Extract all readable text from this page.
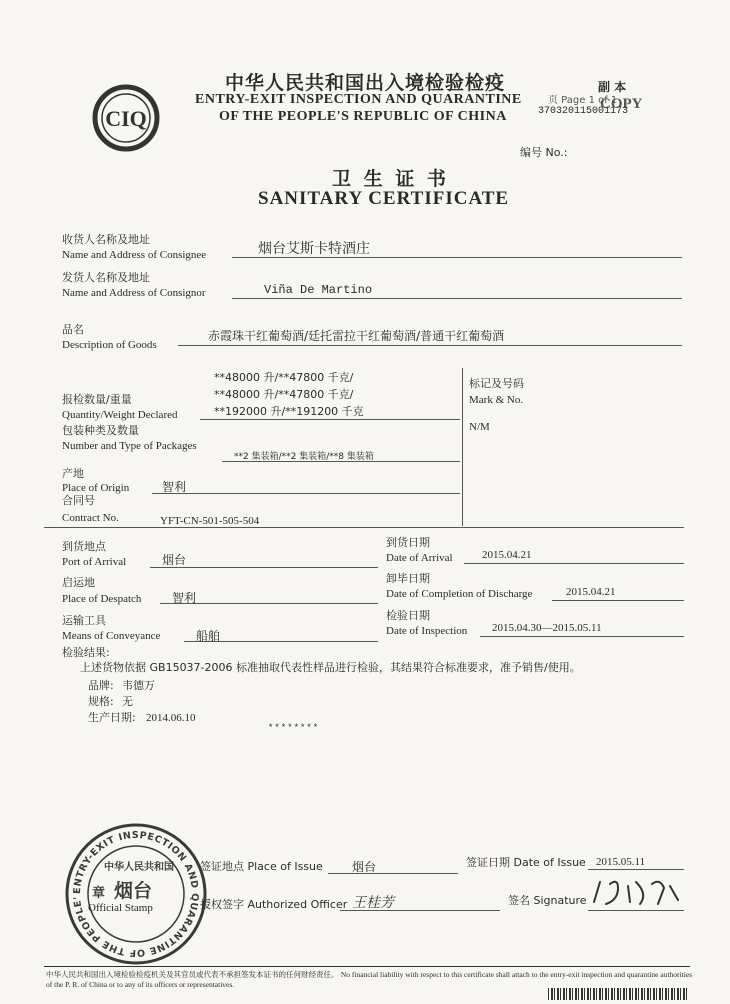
CIQ
中华人民共和国出入境检验检疫
ENTRY-EXIT INSPECTION AND QUARANTINE
OF THE PEOPLE'S REPUBLIC OF CHINA
副 本
COPY
页 Page 1 of 1
370320115001173
编号 No.:
卫 生 证 书
SANITARY CERTIFICATE
收货人名称及地址
Name and Address of Consignee	烟台艾斯卡特酒庄
发货人名称及地址
Name and Address of Consignor	Viña De Martino
品名
Description of Goods
赤霞珠干红葡萄酒/廷托雷拉干红葡萄酒/普通干红葡萄酒
**48000 升/**47800 千克/
**48000 升/**47800 千克/
**192000 升/**191200 千克
报检数量/重量
Quantity/Weight Declared
标记及号码
Mark & No.
N/M
包装种类及数量
Number and Type of Packages
**2 集装箱/**2 集装箱/**8 集装箱
产地
Place of Origin	智利
合同号
Contract No.	YFT-CN-501-505-504
到货地点
Port of Arrival	烟台
到货日期
Date of Arrival	2015.04.21
启运地
Place of Despatch	智利
卸毕日期
Date of Completion of Discharge	2015.04.21
运输工具
Means of Conveyance	船舶
检验日期
Date of Inspection 2015.04.30—2015.05.11
检验结果:
上述货物依据 GB15037-2006 标准抽取代表性样品进行检验，其结果符合标准要求，准予销售/使用。
品牌: 韦德万
规格: 无
生产日期: 2014.06.10
********
ENTRY-EXIT INSPECTION AND QUARANTINE OF THE PEOPLE'
中华人民共和国
章 烟台
Official Stamp
签证地点 Place of Issue 烟台	签证日期 Date of Issue 2015.05.11
授权签字 Authorized Officer 王桂芳	签名 Signature
中华人民共和国出入境检验检疫机关及其官员或代表不承担签发本证书的任何财经责任。 No financial liability with respect to this certificate shall attach to the entry-exit inspection and quarantine authorities of the P. R. of China or to any of its officers or representatives.
